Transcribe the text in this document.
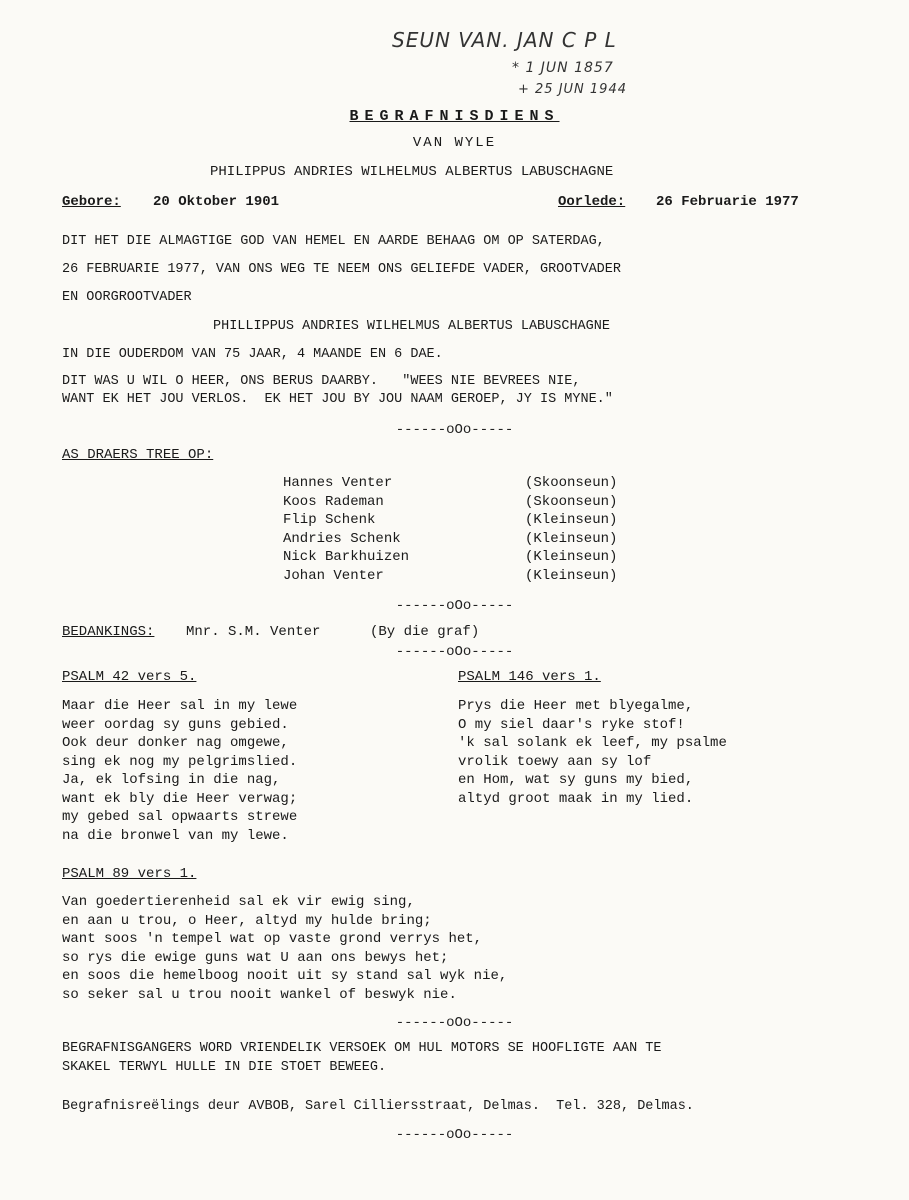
SEUN VAN. JAN C P L
* 1 JUN 1857
+ 25 JUN 1944
BEGRAFNISDIENS
VAN WYLE
PHILIPPUS ANDRIES WILHELMUS ALBERTUS LABUSCHAGNE
Gebore: 20 Oktober 1901	Oorlede: 26 Februarie 1977
DIT HET DIE ALMAGTIGE GOD VAN HEMEL EN AARDE BEHAAG OM OP SATERDAG,
26 FEBRUARIE 1977, VAN ONS WEG TE NEEM ONS GELIEFDE VADER, GROOTVADER
EN OORGROOTVADER
PHILLIPPUS ANDRIES WILHELMUS ALBERTUS LABUSCHAGNE
IN DIE OUDERDOM VAN 75 JAAR, 4 MAANDE EN 6 DAE.
DIT WAS U WIL O HEER, ONS BERUS DAARBY.   "WEES NIE BEVREES NIE,
WANT EK HET JOU VERLOS.  EK HET JOU BY JOU NAAM GEROEP, JY IS MYNE."
------oOo-----
AS DRAERS TREE OP:
Hannes Venter	(Skoonseun)
Koos Rademan	(Skoonseun)
Flip Schenk	(Kleinseun)
Andries Schenk	(Kleinseun)
Nick Barkhuizen	(Kleinseun)
Johan Venter	(Kleinseun)
------oOo-----
BEDANKINGS: Mnr. S.M. Venter	(By die graf)
------oOo-----
PSALM 42 vers 5.
Maar die Heer sal in my lewe
weer oordag sy guns gebied.
Ook deur donker nag omgewe,
sing ek nog my pelgrimslied.
Ja, ek lofsing in die nag,
want ek bly die Heer verwag;
my gebed sal opwaarts strewe
na die bronwel van my lewe.
PSALM 146 vers 1.
Prys die Heer met blyegalme,
O my siel daar's ryke stof!
'k sal solank ek leef, my psalme
vrolik toewy aan sy lof
en Hom, wat sy guns my bied,
altyd groot maak in my lied.
PSALM 89 vers 1.
Van goedertierenheid sal ek vir ewig sing,
en aan u trou, o Heer, altyd my hulde bring;
want soos 'n tempel wat op vaste grond verrys het,
so rys die ewige guns wat U aan ons bewys het;
en soos die hemelboog nooit uit sy stand sal wyk nie,
so seker sal u trou nooit wankel of beswyk nie.
------oOo-----
BEGRAFNISGANGERS WORD VRIENDELIK VERSOEK OM HUL MOTORS SE HOOFLIGTE AAN TE
SKAKEL TERWYL HULLE IN DIE STOET BEWEEG.
Begrafnisreëlings deur AVBOB, Sarel Cilliersstraat, Delmas.  Tel. 328, Delmas.
------oOo-----
